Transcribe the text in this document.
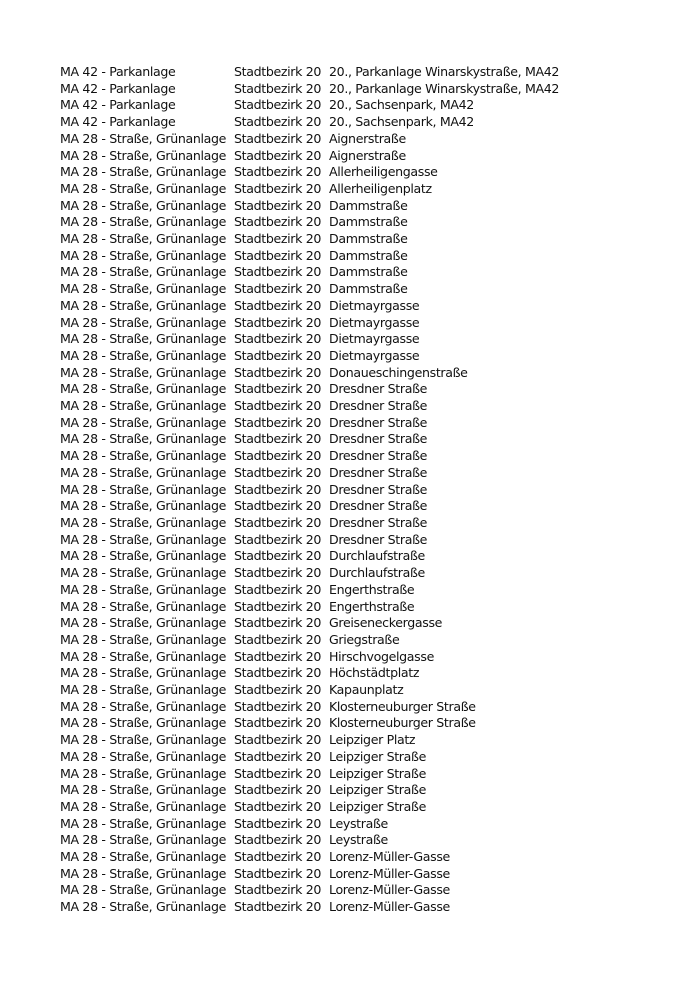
MA 42 - Parkanlage	Stadtbezirk 20	20., Parkanlage Winarskystraße, MA42
MA 42 - Parkanlage	Stadtbezirk 20	20., Parkanlage Winarskystraße, MA42
MA 42 - Parkanlage	Stadtbezirk 20	20., Sachsenpark, MA42
MA 42 - Parkanlage	Stadtbezirk 20	20., Sachsenpark, MA42
MA 28 - Straße, Grünanlage	Stadtbezirk 20	Aignerstraße
MA 28 - Straße, Grünanlage	Stadtbezirk 20	Aignerstraße
MA 28 - Straße, Grünanlage	Stadtbezirk 20	Allerheiligengasse
MA 28 - Straße, Grünanlage	Stadtbezirk 20	Allerheiligenplatz
MA 28 - Straße, Grünanlage	Stadtbezirk 20	Dammstraße
MA 28 - Straße, Grünanlage	Stadtbezirk 20	Dammstraße
MA 28 - Straße, Grünanlage	Stadtbezirk 20	Dammstraße
MA 28 - Straße, Grünanlage	Stadtbezirk 20	Dammstraße
MA 28 - Straße, Grünanlage	Stadtbezirk 20	Dammstraße
MA 28 - Straße, Grünanlage	Stadtbezirk 20	Dammstraße
MA 28 - Straße, Grünanlage	Stadtbezirk 20	Dietmayrgasse
MA 28 - Straße, Grünanlage	Stadtbezirk 20	Dietmayrgasse
MA 28 - Straße, Grünanlage	Stadtbezirk 20	Dietmayrgasse
MA 28 - Straße, Grünanlage	Stadtbezirk 20	Dietmayrgasse
MA 28 - Straße, Grünanlage	Stadtbezirk 20	Donaueschingenstraße
MA 28 - Straße, Grünanlage	Stadtbezirk 20	Dresdner Straße
MA 28 - Straße, Grünanlage	Stadtbezirk 20	Dresdner Straße
MA 28 - Straße, Grünanlage	Stadtbezirk 20	Dresdner Straße
MA 28 - Straße, Grünanlage	Stadtbezirk 20	Dresdner Straße
MA 28 - Straße, Grünanlage	Stadtbezirk 20	Dresdner Straße
MA 28 - Straße, Grünanlage	Stadtbezirk 20	Dresdner Straße
MA 28 - Straße, Grünanlage	Stadtbezirk 20	Dresdner Straße
MA 28 - Straße, Grünanlage	Stadtbezirk 20	Dresdner Straße
MA 28 - Straße, Grünanlage	Stadtbezirk 20	Dresdner Straße
MA 28 - Straße, Grünanlage	Stadtbezirk 20	Dresdner Straße
MA 28 - Straße, Grünanlage	Stadtbezirk 20	Durchlaufstraße
MA 28 - Straße, Grünanlage	Stadtbezirk 20	Durchlaufstraße
MA 28 - Straße, Grünanlage	Stadtbezirk 20	Engerthstraße
MA 28 - Straße, Grünanlage	Stadtbezirk 20	Engerthstraße
MA 28 - Straße, Grünanlage	Stadtbezirk 20	Greiseneckergasse
MA 28 - Straße, Grünanlage	Stadtbezirk 20	Griegstraße
MA 28 - Straße, Grünanlage	Stadtbezirk 20	Hirschvogelgasse
MA 28 - Straße, Grünanlage	Stadtbezirk 20	Höchstädtplatz
MA 28 - Straße, Grünanlage	Stadtbezirk 20	Kapaunplatz
MA 28 - Straße, Grünanlage	Stadtbezirk 20	Klosterneuburger Straße
MA 28 - Straße, Grünanlage	Stadtbezirk 20	Klosterneuburger Straße
MA 28 - Straße, Grünanlage	Stadtbezirk 20	Leipziger Platz
MA 28 - Straße, Grünanlage	Stadtbezirk 20	Leipziger Straße
MA 28 - Straße, Grünanlage	Stadtbezirk 20	Leipziger Straße
MA 28 - Straße, Grünanlage	Stadtbezirk 20	Leipziger Straße
MA 28 - Straße, Grünanlage	Stadtbezirk 20	Leipziger Straße
MA 28 - Straße, Grünanlage	Stadtbezirk 20	Leystraße
MA 28 - Straße, Grünanlage	Stadtbezirk 20	Leystraße
MA 28 - Straße, Grünanlage	Stadtbezirk 20	Lorenz-Müller-Gasse
MA 28 - Straße, Grünanlage	Stadtbezirk 20	Lorenz-Müller-Gasse
MA 28 - Straße, Grünanlage	Stadtbezirk 20	Lorenz-Müller-Gasse
MA 28 - Straße, Grünanlage	Stadtbezirk 20	Lorenz-Müller-Gasse
